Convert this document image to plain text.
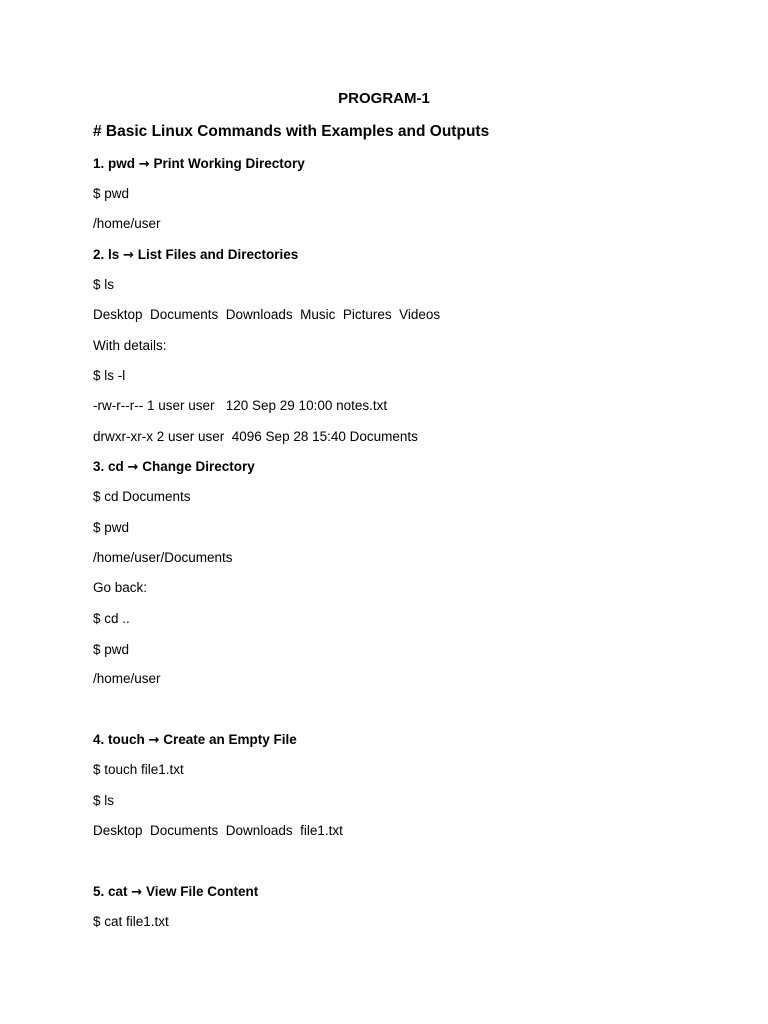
PROGRAM-1

# Basic Linux Commands with Examples and Outputs

1. pwd → Print Working Directory

$ pwd

/home/user

2. ls → List Files and Directories

$ ls

Desktop  Documents  Downloads  Music  Pictures  Videos

With details:

$ ls -l

-rw-r--r-- 1 user user   120 Sep 29 10:00 notes.txt

drwxr-xr-x 2 user user  4096 Sep 28 15:40 Documents

3. cd → Change Directory

$ cd Documents

$ pwd

/home/user/Documents

Go back:

$ cd ..

$ pwd

/home/user

4. touch → Create an Empty File

$ touch file1.txt

$ ls

Desktop  Documents  Downloads  file1.txt

5. cat → View File Content

$ cat file1.txt
